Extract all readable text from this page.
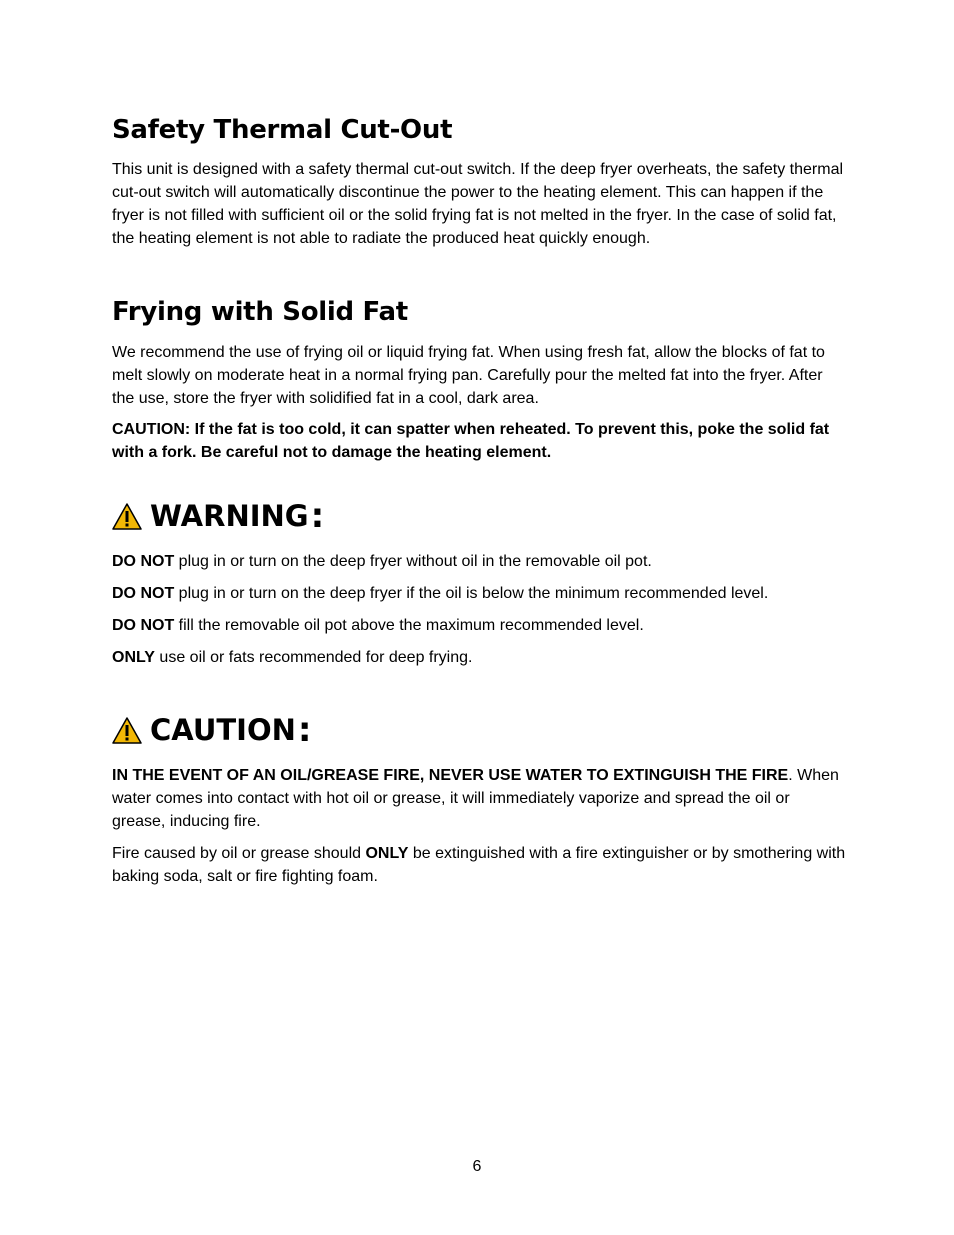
Safety Thermal Cut-Out

This unit is designed with a safety thermal cut-out switch. If the deep fryer overheats, the safety thermal cut-out switch will automatically discontinue the power to the heating element. This can happen if the fryer is not filled with sufficient oil or the solid frying fat is not melted in the fryer. In the case of solid fat, the heating element is not able to radiate the produced heat quickly enough.

Frying with Solid Fat

We recommend the use of frying oil or liquid frying fat. When using fresh fat, allow the blocks of fat to melt slowly on moderate heat in a normal frying pan. Carefully pour the melted fat into the fryer. After the use, store the fryer with solidified fat in a cool, dark area.

CAUTION: If the fat is too cold, it can spatter when reheated. To prevent this, poke the solid fat with a fork. Be careful not to damage the heating element.

WARNING :

DO NOT plug in or turn on the deep fryer without oil in the removable oil pot.

DO NOT plug in or turn on the deep fryer if the oil is below the minimum recommended level.

DO NOT fill the removable oil pot above the maximum recommended level.

ONLY use oil or fats recommended for deep frying.

CAUTION :

IN THE EVENT OF AN OIL/GREASE FIRE, NEVER USE WATER TO EXTINGUISH THE FIRE. When water comes into contact with hot oil or grease, it will immediately vaporize and spread the oil or grease, inducing fire.

Fire caused by oil or grease should ONLY be extinguished with a fire extinguisher or by smothering with baking soda, salt or fire fighting foam.

6
